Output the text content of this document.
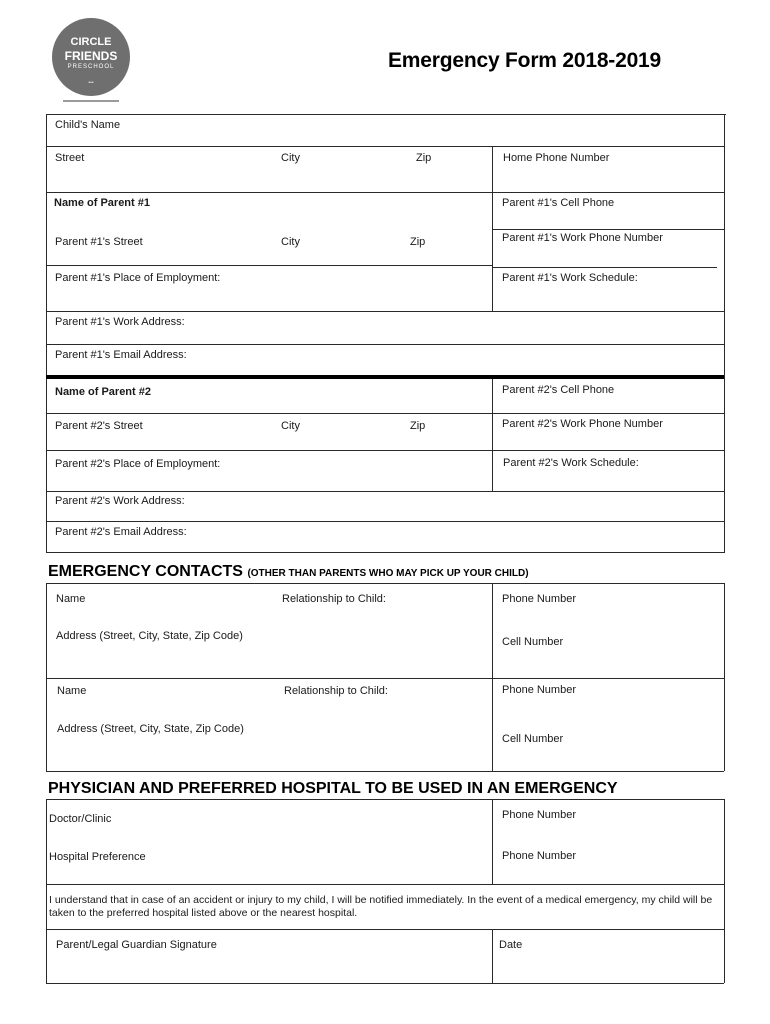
CIRCLE
FRIENDS
PRESCHOOL
•••
Emergency Form 2018-2019
Child's Name
Street	City	Zip	Home Phone Number
Name of Parent #1	Parent #1's Cell Phone
Parent #1's Street	City	Zip	Parent #1's Work Phone Number
Parent #1's Place of Employment:	Parent #1's Work Schedule:
Parent #1's Work Address:
Parent #1's Email Address:
Name of Parent #2	Parent #2's Cell Phone
Parent #2's Street	City	Zip	Parent #2's Work Phone Number
Parent #2's Place of Employment:	Parent #2's Work Schedule:
Parent #2's Work Address:
Parent #2's Email Address:
EMERGENCY CONTACTS (OTHER THAN PARENTS WHO MAY PICK UP YOUR CHILD)
Name	Relationship to Child:	Phone Number
Address (Street, City, State, Zip Code)	Cell Number
Name	Relationship to Child:	Phone Number
Address (Street, City, State, Zip Code)
Cell Number
PHYSICIAN AND PREFERRED HOSPITAL TO BE USED IN AN EMERGENCY
Doctor/Clinic	Phone Number
Hospital Preference	Phone Number
I understand that in case of an accident or injury to my child, I will be notified immediately. In the event of a medical emergency, my child will be taken to the preferred hospital listed above or the nearest hospital.
Parent/Legal Guardian Signature	Date
